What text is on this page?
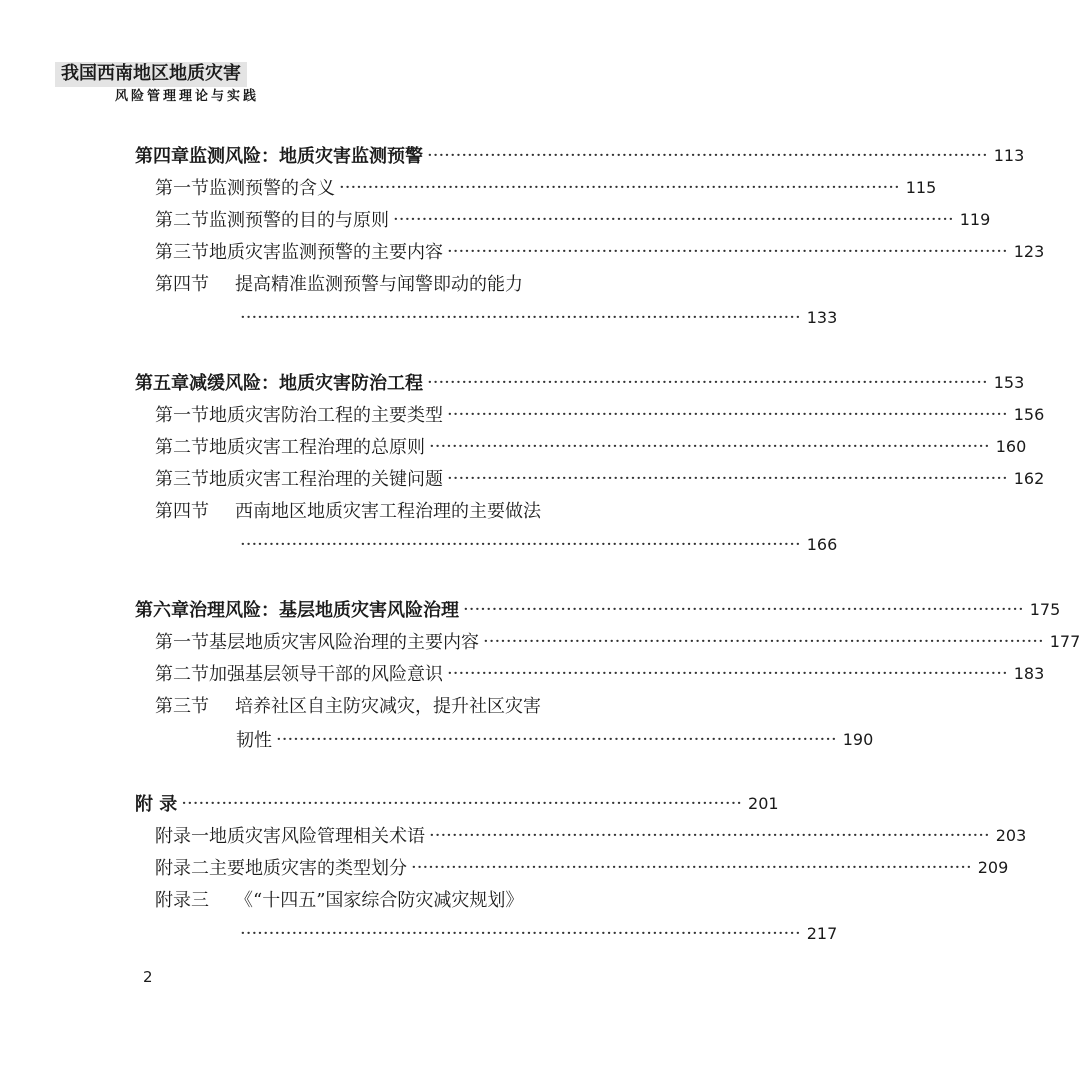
我国西南地区地质灾害
风险管理理论与实践
第四章 监测风险：地质灾害监测预警 ·································································································· 113
第一节 监测预警的含义 ·································································································· 115
第二节 监测预警的目的与原则 ·································································································· 119
第三节 地质灾害监测预警的主要内容 ·································································································· 123
第四节	提高精准监测预警与闻警即动的能力
·································································································· 133
第五章 减缓风险：地质灾害防治工程 ·································································································· 153
第一节 地质灾害防治工程的主要类型 ·································································································· 156
第二节 地质灾害工程治理的总原则 ·································································································· 160
第三节 地质灾害工程治理的关键问题 ·································································································· 162
第四节	西南地区地质灾害工程治理的主要做法
·································································································· 166
第六章 治理风险：基层地质灾害风险治理 ·································································································· 175
第一节 基层地质灾害风险治理的主要内容 ·································································································· 177
第二节 加强基层领导干部的风险意识 ·································································································· 183
第三节	培养社区自主防灾减灾，提升社区灾害
韧性 ·································································································· 190
附 录 ·································································································· 201
附录一 地质灾害风险管理相关术语 ·································································································· 203
附录二 主要地质灾害的类型划分 ·································································································· 209
附录三	《“十四五”国家综合防灾减灾规划》
·································································································· 217
2
